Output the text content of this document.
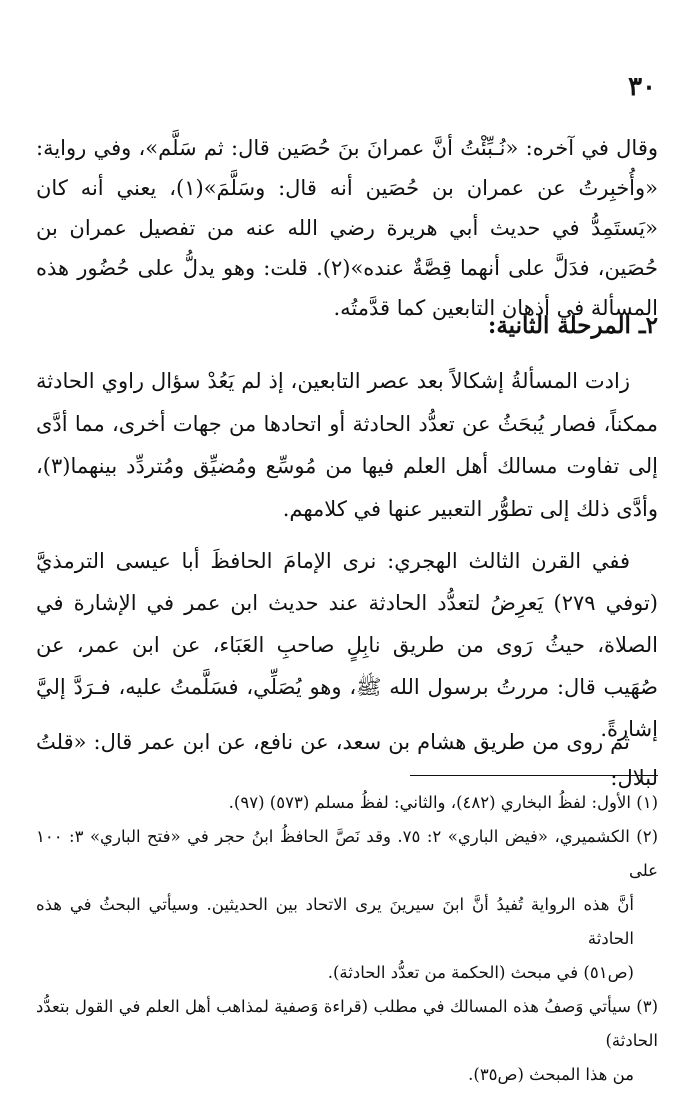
٣٠

وقال في آخره: «نُـبِّئْتُ أنَّ عمرانَ بنَ حُصَين قال: ثم سَلَّم»، وفي رواية: «وأُخبِرتُ عن عمران بن حُصَين أنه قال: وسَلَّمَ»(١)، يعني أنه كان «يَستَمِدُّ في حديث أبي هريرة رضي الله عنه من تفصيل عمران بن حُصَين، فدَلَّ على أنهما قِصَّةٌ عنده»(٢). قلت: وهو يدلُّ على حُضُور هذه المسألة في أذهان التابعين كما قدَّمتُه.

٢ـ المرحلة الثانية:

زادت المسألةُ إشكالاً بعد عصر التابعين، إذ لم يَعُدْ سؤال راوي الحادثة ممكناً، فصار يُبحَثُ عن تعدُّد الحادثة أو اتحادها من جهات أخرى، مما أدَّى إلى تفاوت مسالك أهل العلم فيها من مُوسِّع ومُضيِّق ومُتردِّد بينهما(٣)، وأدَّى ذلك إلى تطوُّر التعبير عنها في كلامهم.

ففي القرن الثالث الهجري: نرى الإمامَ الحافظَ أبا عيسى الترمذيَّ (توفي ٢٧٩) يَعرِضُ لتعدُّد الحادثة عند حديث ابن عمر في الإشارة في الصلاة، حيثُ رَوى من طريق نابِلٍ صاحبِ العَبَاء، عن ابن عمر، عن صُهَيب قال: مررتُ برسول الله ﷺ، وهو يُصَلِّي، فسَلَّمتُ عليه، فـرَدَّ إليَّ إشارةً.

ثم روى من طريق هشام بن سعد، عن نافع، عن ابن عمر قال: «قلتُ لبلال:

(١) الأول: لفظُ البخاري (٤٨٢)، والثاني: لفظُ مسلم (٥٧٣) (٩٧).

(٢) الكشميري، «فيض الباري» ٢: ٧٥. وقد نَصَّ الحافظُ ابنُ حجر في «فتح الباري» ٣: ١٠٠ على

أنَّ هذه الرواية تُفيدُ أنَّ ابنَ سيرينَ يرى الاتحاد بين الحديثين. وسيأتي البحثُ في هذه الحادثة

(ص٥١) في مبحث (الحكمة من تعدُّد الحادثة).

(٣) سيأتي وَصفُ هذه المسالك في مطلب (قراءة وَصفية لمذاهب أهل العلم في القول بتعدُّد الحادثة)

من هذا المبحث (ص٣٥).
